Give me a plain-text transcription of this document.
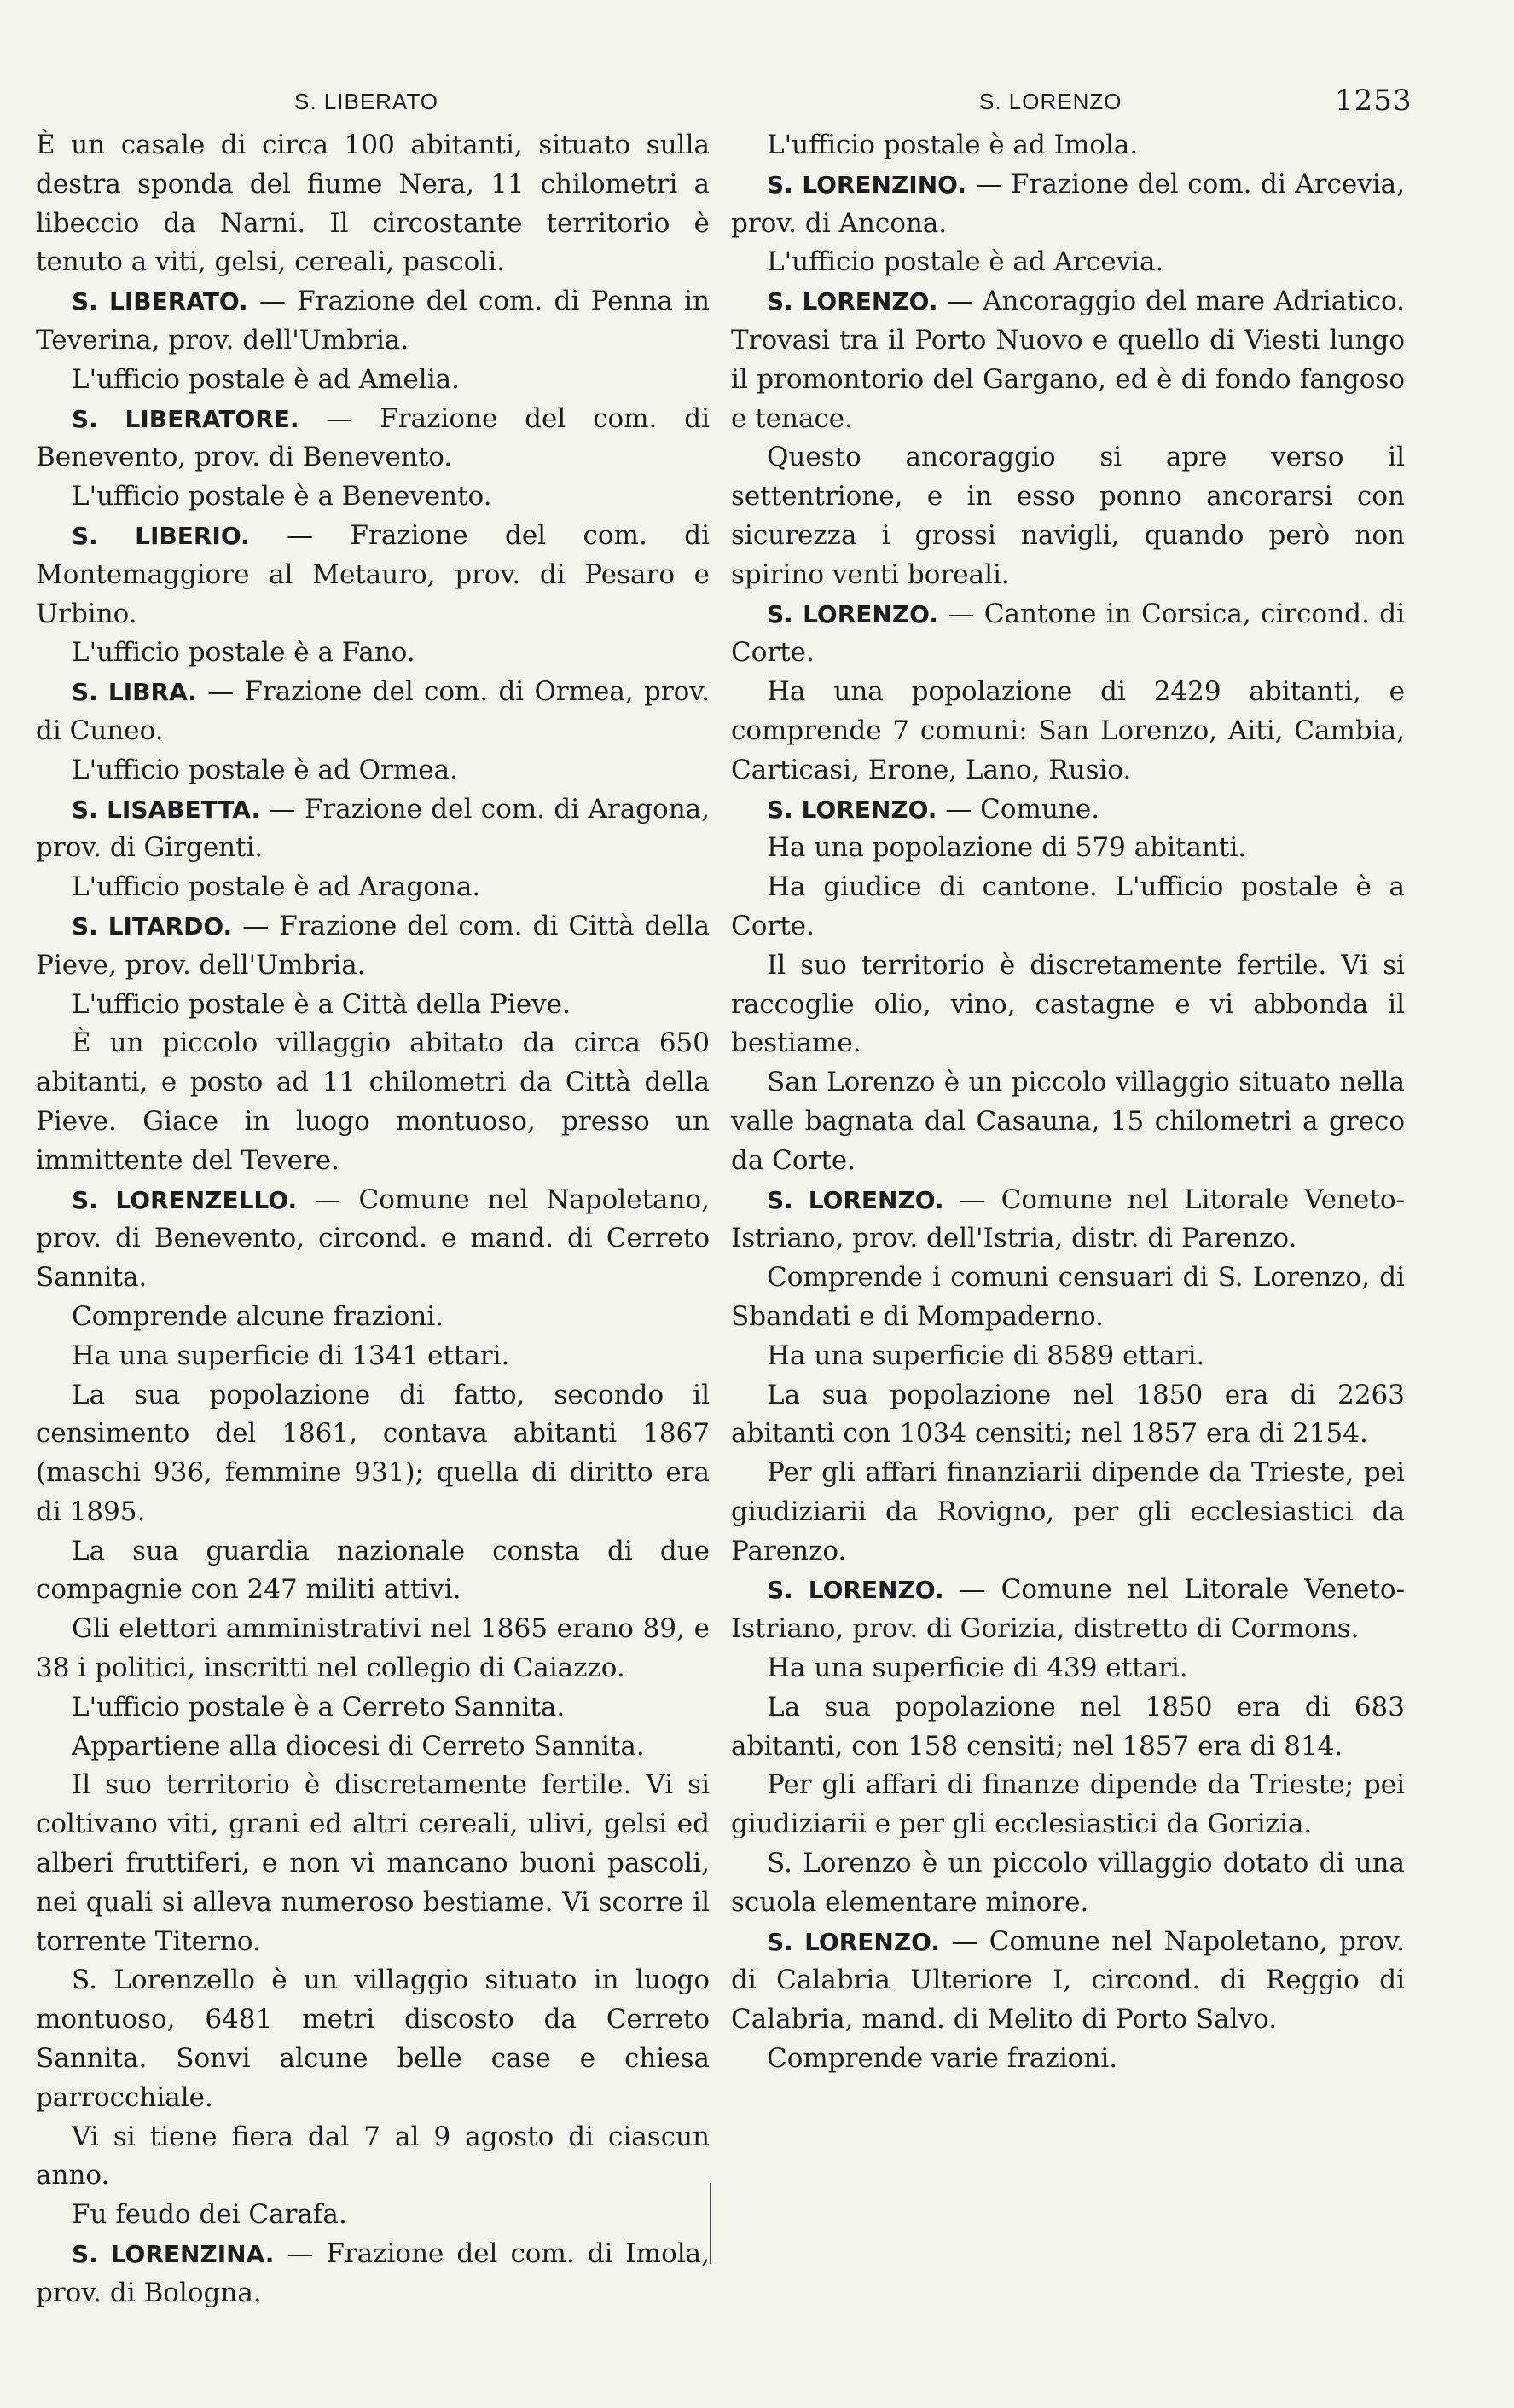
S. LIBERATO	S. LORENZO	1253

È un casale di circa 100 abitanti, situato sulla destra sponda del fiume Nera, 11 chilometri a libeccio da Narni. Il circostante territorio è tenuto a viti, gelsi, cereali, pascoli.

S. LIBERATO. — Frazione del com. di Penna in Teverina, prov. dell'Umbria.

L'ufficio postale è ad Amelia.

S. LIBERATORE. — Frazione del com. di Benevento, prov. di Benevento.

L'ufficio postale è a Benevento.

S. LIBERIO. — Frazione del com. di Montemaggiore al Metauro, prov. di Pesaro e Urbino.

L'ufficio postale è a Fano.

S. LIBRA. — Frazione del com. di Ormea, prov. di Cuneo.

L'ufficio postale è ad Ormea.

S. LISABETTA. — Frazione del com. di Aragona, prov. di Girgenti.

L'ufficio postale è ad Aragona.

S. LITARDO. — Frazione del com. di Città della Pieve, prov. dell'Umbria.

L'ufficio postale è a Città della Pieve.

È un piccolo villaggio abitato da circa 650 abitanti, e posto ad 11 chilometri da Città della Pieve. Giace in luogo montuoso, presso un immittente del Tevere.

S. LORENZELLO. — Comune nel Napoletano, prov. di Benevento, circond. e mand. di Cerreto Sannita.

Comprende alcune frazioni.

Ha una superficie di 1341 ettari.

La sua popolazione di fatto, secondo il censimento del 1861, contava abitanti 1867 (maschi 936, femmine 931); quella di diritto era di 1895.

La sua guardia nazionale consta di due compagnie con 247 militi attivi.

Gli elettori amministrativi nel 1865 erano 89, e 38 i politici, inscritti nel collegio di Caiazzo.

L'ufficio postale è a Cerreto Sannita.

Appartiene alla diocesi di Cerreto Sannita.

Il suo territorio è discretamente fertile. Vi si coltivano viti, grani ed altri cereali, ulivi, gelsi ed alberi fruttiferi, e non vi mancano buoni pascoli, nei quali si alleva numeroso bestiame. Vi scorre il torrente Titerno.

S. Lorenzello è un villaggio situato in luogo montuoso, 6481 metri discosto da Cerreto Sannita. Sonvi alcune belle case e chiesa parrocchiale.

Vi si tiene fiera dal 7 al 9 agosto di ciascun anno.

Fu feudo dei Carafa.

S. LORENZINA. — Frazione del com. di Imola, prov. di Bologna.

L'ufficio postale è ad Imola.

S. LORENZINO. — Frazione del com. di Arcevia, prov. di Ancona.

L'ufficio postale è ad Arcevia.

S. LORENZO. — Ancoraggio del mare Adriatico. Trovasi tra il Porto Nuovo e quello di Viesti lungo il promontorio del Gargano, ed è di fondo fangoso e tenace.

Questo ancoraggio si apre verso il settentrione, e in esso ponno ancorarsi con sicurezza i grossi navigli, quando però non spirino venti boreali.

S. LORENZO. — Cantone in Corsica, circond. di Corte.

Ha una popolazione di 2429 abitanti, e comprende 7 comuni: San Lorenzo, Aiti, Cambia, Carticasi, Erone, Lano, Rusio.

S. LORENZO. — Comune.

Ha una popolazione di 579 abitanti.

Ha giudice di cantone. L'ufficio postale è a Corte.

Il suo territorio è discretamente fertile. Vi si raccoglie olio, vino, castagne e vi abbonda il bestiame.

San Lorenzo è un piccolo villaggio situato nella valle bagnata dal Casauna, 15 chilometri a greco da Corte.

S. LORENZO. — Comune nel Litorale Veneto-Istriano, prov. dell'Istria, distr. di Parenzo.

Comprende i comuni censuari di S. Lorenzo, di Sbandati e di Mompaderno.

Ha una superficie di 8589 ettari.

La sua popolazione nel 1850 era di 2263 abitanti con 1034 censiti; nel 1857 era di 2154.

Per gli affari finanziarii dipende da Trieste, pei giudiziarii da Rovigno, per gli ecclesiastici da Parenzo.

S. LORENZO. — Comune nel Litorale Veneto-Istriano, prov. di Gorizia, distretto di Cormons.

Ha una superficie di 439 ettari.

La sua popolazione nel 1850 era di 683 abitanti, con 158 censiti; nel 1857 era di 814.

Per gli affari di finanze dipende da Trieste; pei giudiziarii e per gli ecclesiastici da Gorizia.

S. Lorenzo è un piccolo villaggio dotato di una scuola elementare minore.

S. LORENZO. — Comune nel Napoletano, prov. di Calabria Ulteriore I, circond. di Reggio di Calabria, mand. di Melito di Porto Salvo.

Comprende varie frazioni.
